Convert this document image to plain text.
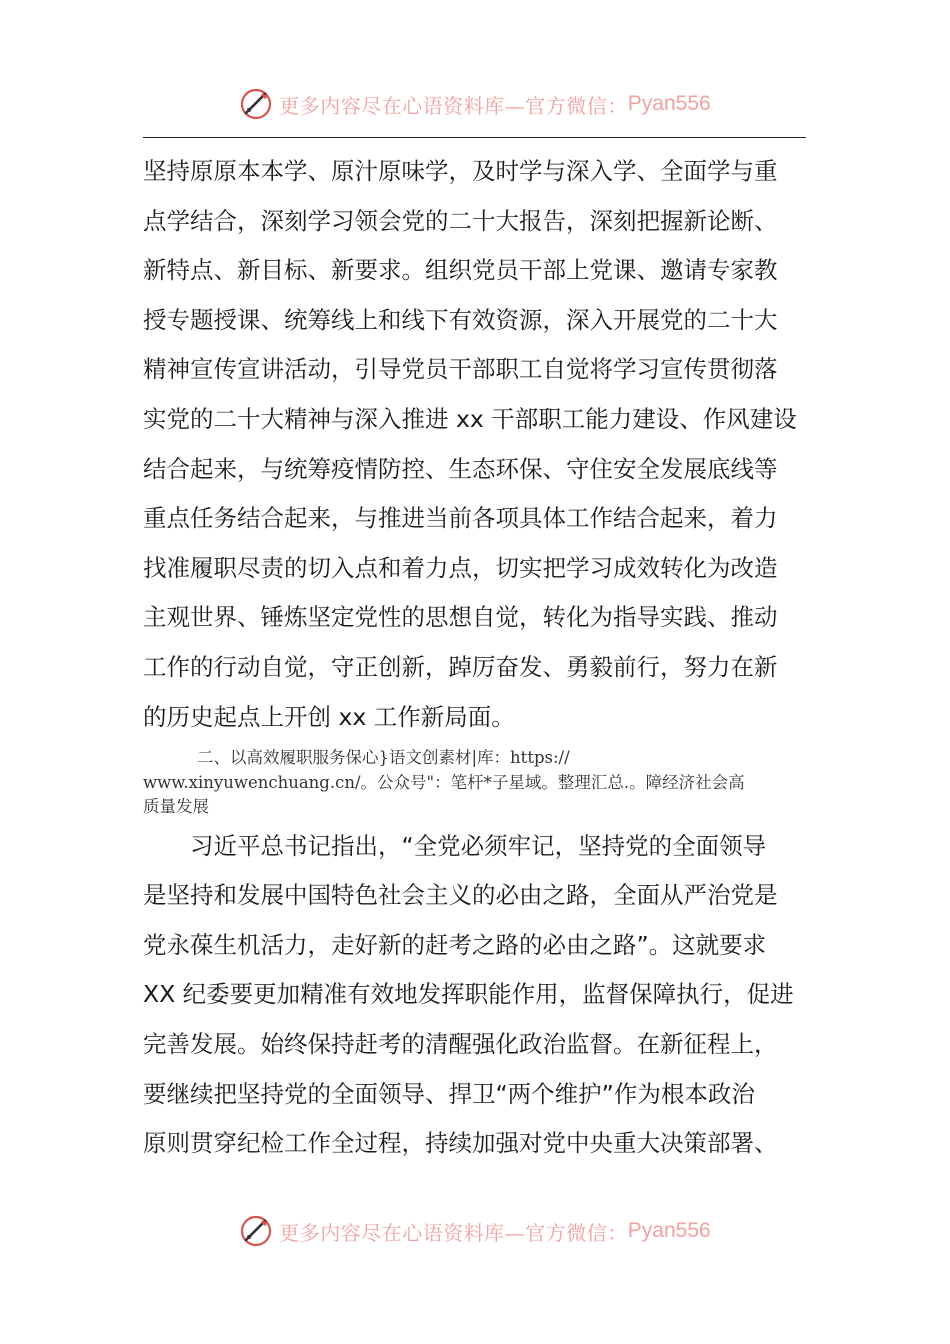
更多内容尽在心语资料库—官方微信： Pyan556
坚持原原本本学、原汁原味学，及时学与深入学、全面学与重
点学结合，深刻学习领会党的二十大报告，深刻把握新论断、
新特点、新目标、新要求。组织党员干部上党课、邀请专家教
授专题授课、统筹线上和线下有效资源，深入开展党的二十大
精神宣传宣讲活动，引导党员干部职工自觉将学习宣传贯彻落
实党的二十大精神与深入推进 xx 干部职工能力建设、作风建设
结合起来，与统筹疫情防控、生态环保、守住安全发展底线等
重点任务结合起来，与推进当前各项具体工作结合起来，着力
找准履职尽责的切入点和着力点，切实把学习成效转化为改造
主观世界、锤炼坚定党性的思想自觉，转化为指导实践、推动
工作的行动自觉，守正创新，踔厉奋发、勇毅前行，努力在新
的历史起点上开创 xx 工作新局面。
二、以高效履职服务保心}语文创素材|库：https://
www.xinyuwenchuang.cn/。公众号"：笔杆*子星域。整理汇总.。障经济社会高
质量发展
　　习近平总书记指出，“全党必须牢记，坚持党的全面领导
是坚持和发展中国特色社会主义的必由之路，全面从严治党是
党永葆生机活力，走好新的赶考之路的必由之路”。这就要求
XX 纪委要更加精准有效地发挥职能作用，监督保障执行，促进
完善发展。始终保持赶考的清醒强化政治监督。在新征程上，
要继续把坚持党的全面领导、捍卫“两个维护”作为根本政治
原则贯穿纪检工作全过程，持续加强对党中央重大决策部署、
更多内容尽在心语资料库—官方微信： Pyan556
